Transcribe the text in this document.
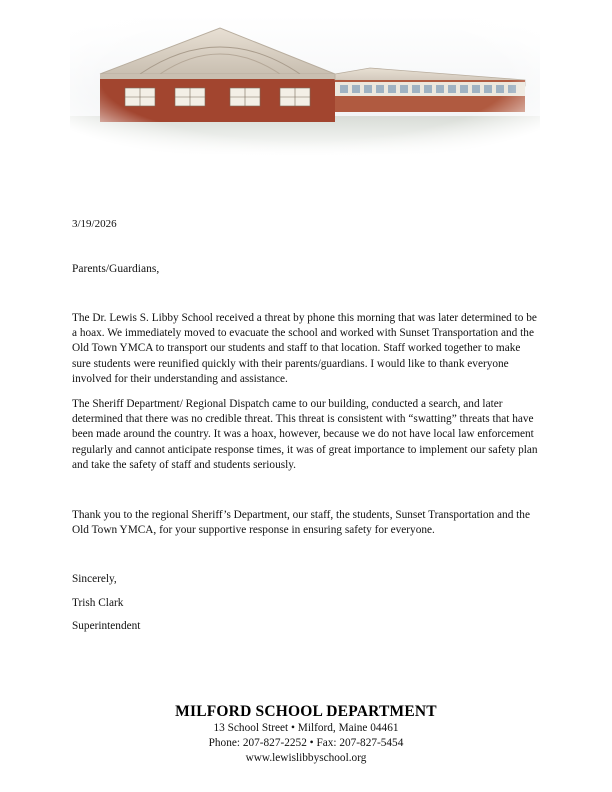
3/19/2026
Parents/Guardians,

The Dr. Lewis S. Libby School received a threat by phone this morning that was later determined to be a hoax. We immediately moved to evacuate the school and worked with Sunset Transportation and the Old Town YMCA to transport our students and staff to that location. Staff worked together to make sure students were reunified quickly with their parents/guardians. I would like to thank everyone involved for their understanding and assistance.

The Sheriff Department/ Regional Dispatch came to our building, conducted a search, and later determined that there was no credible threat. This threat is consistent with “swatting” threats that have been made around the country. It was a hoax, however, because we do not have local law enforcement regularly and cannot anticipate response times, it was of great importance to implement our safety plan and take the safety of staff and students seriously.

Thank you to the regional Sheriff’s Department, our staff, the students, Sunset Transportation and the Old Town YMCA, for your supportive response in ensuring safety for everyone.

Sincerely,
Trish Clark
Superintendent
MILFORD SCHOOL DEPARTMENT
13 School Street • Milford, Maine 04461
Phone: 207-827-2252 • Fax: 207-827-5454
www.lewislibbyschool.org
